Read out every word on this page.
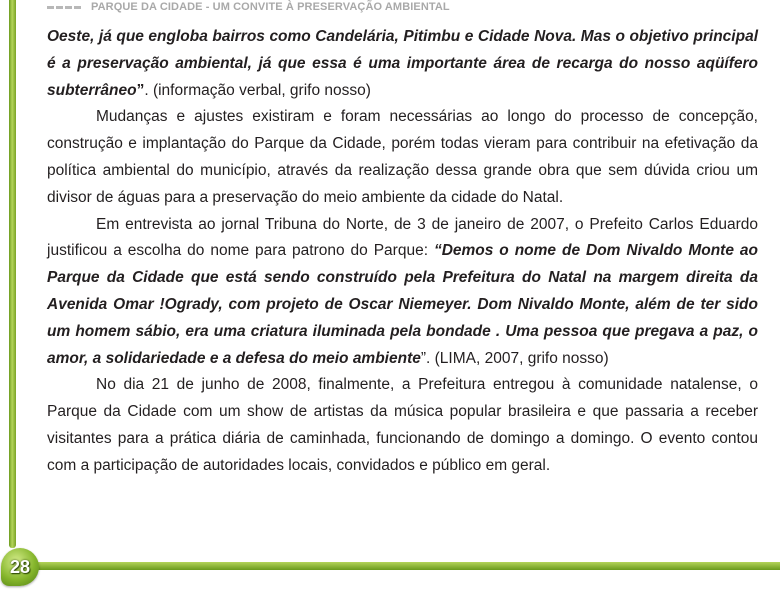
PARQUE DA CIDADE - UM CONVITE À PRESERVAÇÃO AMBIENTAL

Oeste, já que engloba bairros como Candelária, Pitimbu e Cidade Nova. Mas o objetivo principal é a preservação ambiental, já que essa é uma importante área de recarga do nosso aqüífero subterrâneo”. (informação verbal, grifo nosso)

Mudanças e ajustes existiram e foram necessárias ao longo do processo de concepção, construção e implantação do Parque da Cidade, porém todas vieram para contribuir na efetivação da política ambiental do município, através da realização dessa grande obra que sem dúvida criou um divisor de águas para a preservação do meio ambiente da cidade do Natal.

Em entrevista ao jornal Tribuna do Norte, de 3 de janeiro de 2007, o Prefeito Carlos Eduardo justificou a escolha do nome para patrono do Parque: “Demos o nome de Dom Nivaldo Monte ao Parque da Cidade que está sendo construído pela Prefeitura do Natal na margem direita da Avenida Omar !Ogrady, com projeto de Oscar Niemeyer. Dom Nivaldo Monte, além de ter sido um homem sábio, era uma criatura iluminada pela bondade . Uma pessoa que pregava a paz, o amor, a solidariedade e a defesa do meio ambiente”. (LIMA, 2007, grifo nosso)

No dia 21 de junho de 2008, finalmente, a Prefeitura entregou à comunidade natalense, o Parque da Cidade com um show de artistas da música popular brasileira e que passaria a receber visitantes para a prática diária de caminhada, funcionando de domingo a domingo. O evento contou com a participação de autoridades locais, convidados e público em geral.

28
